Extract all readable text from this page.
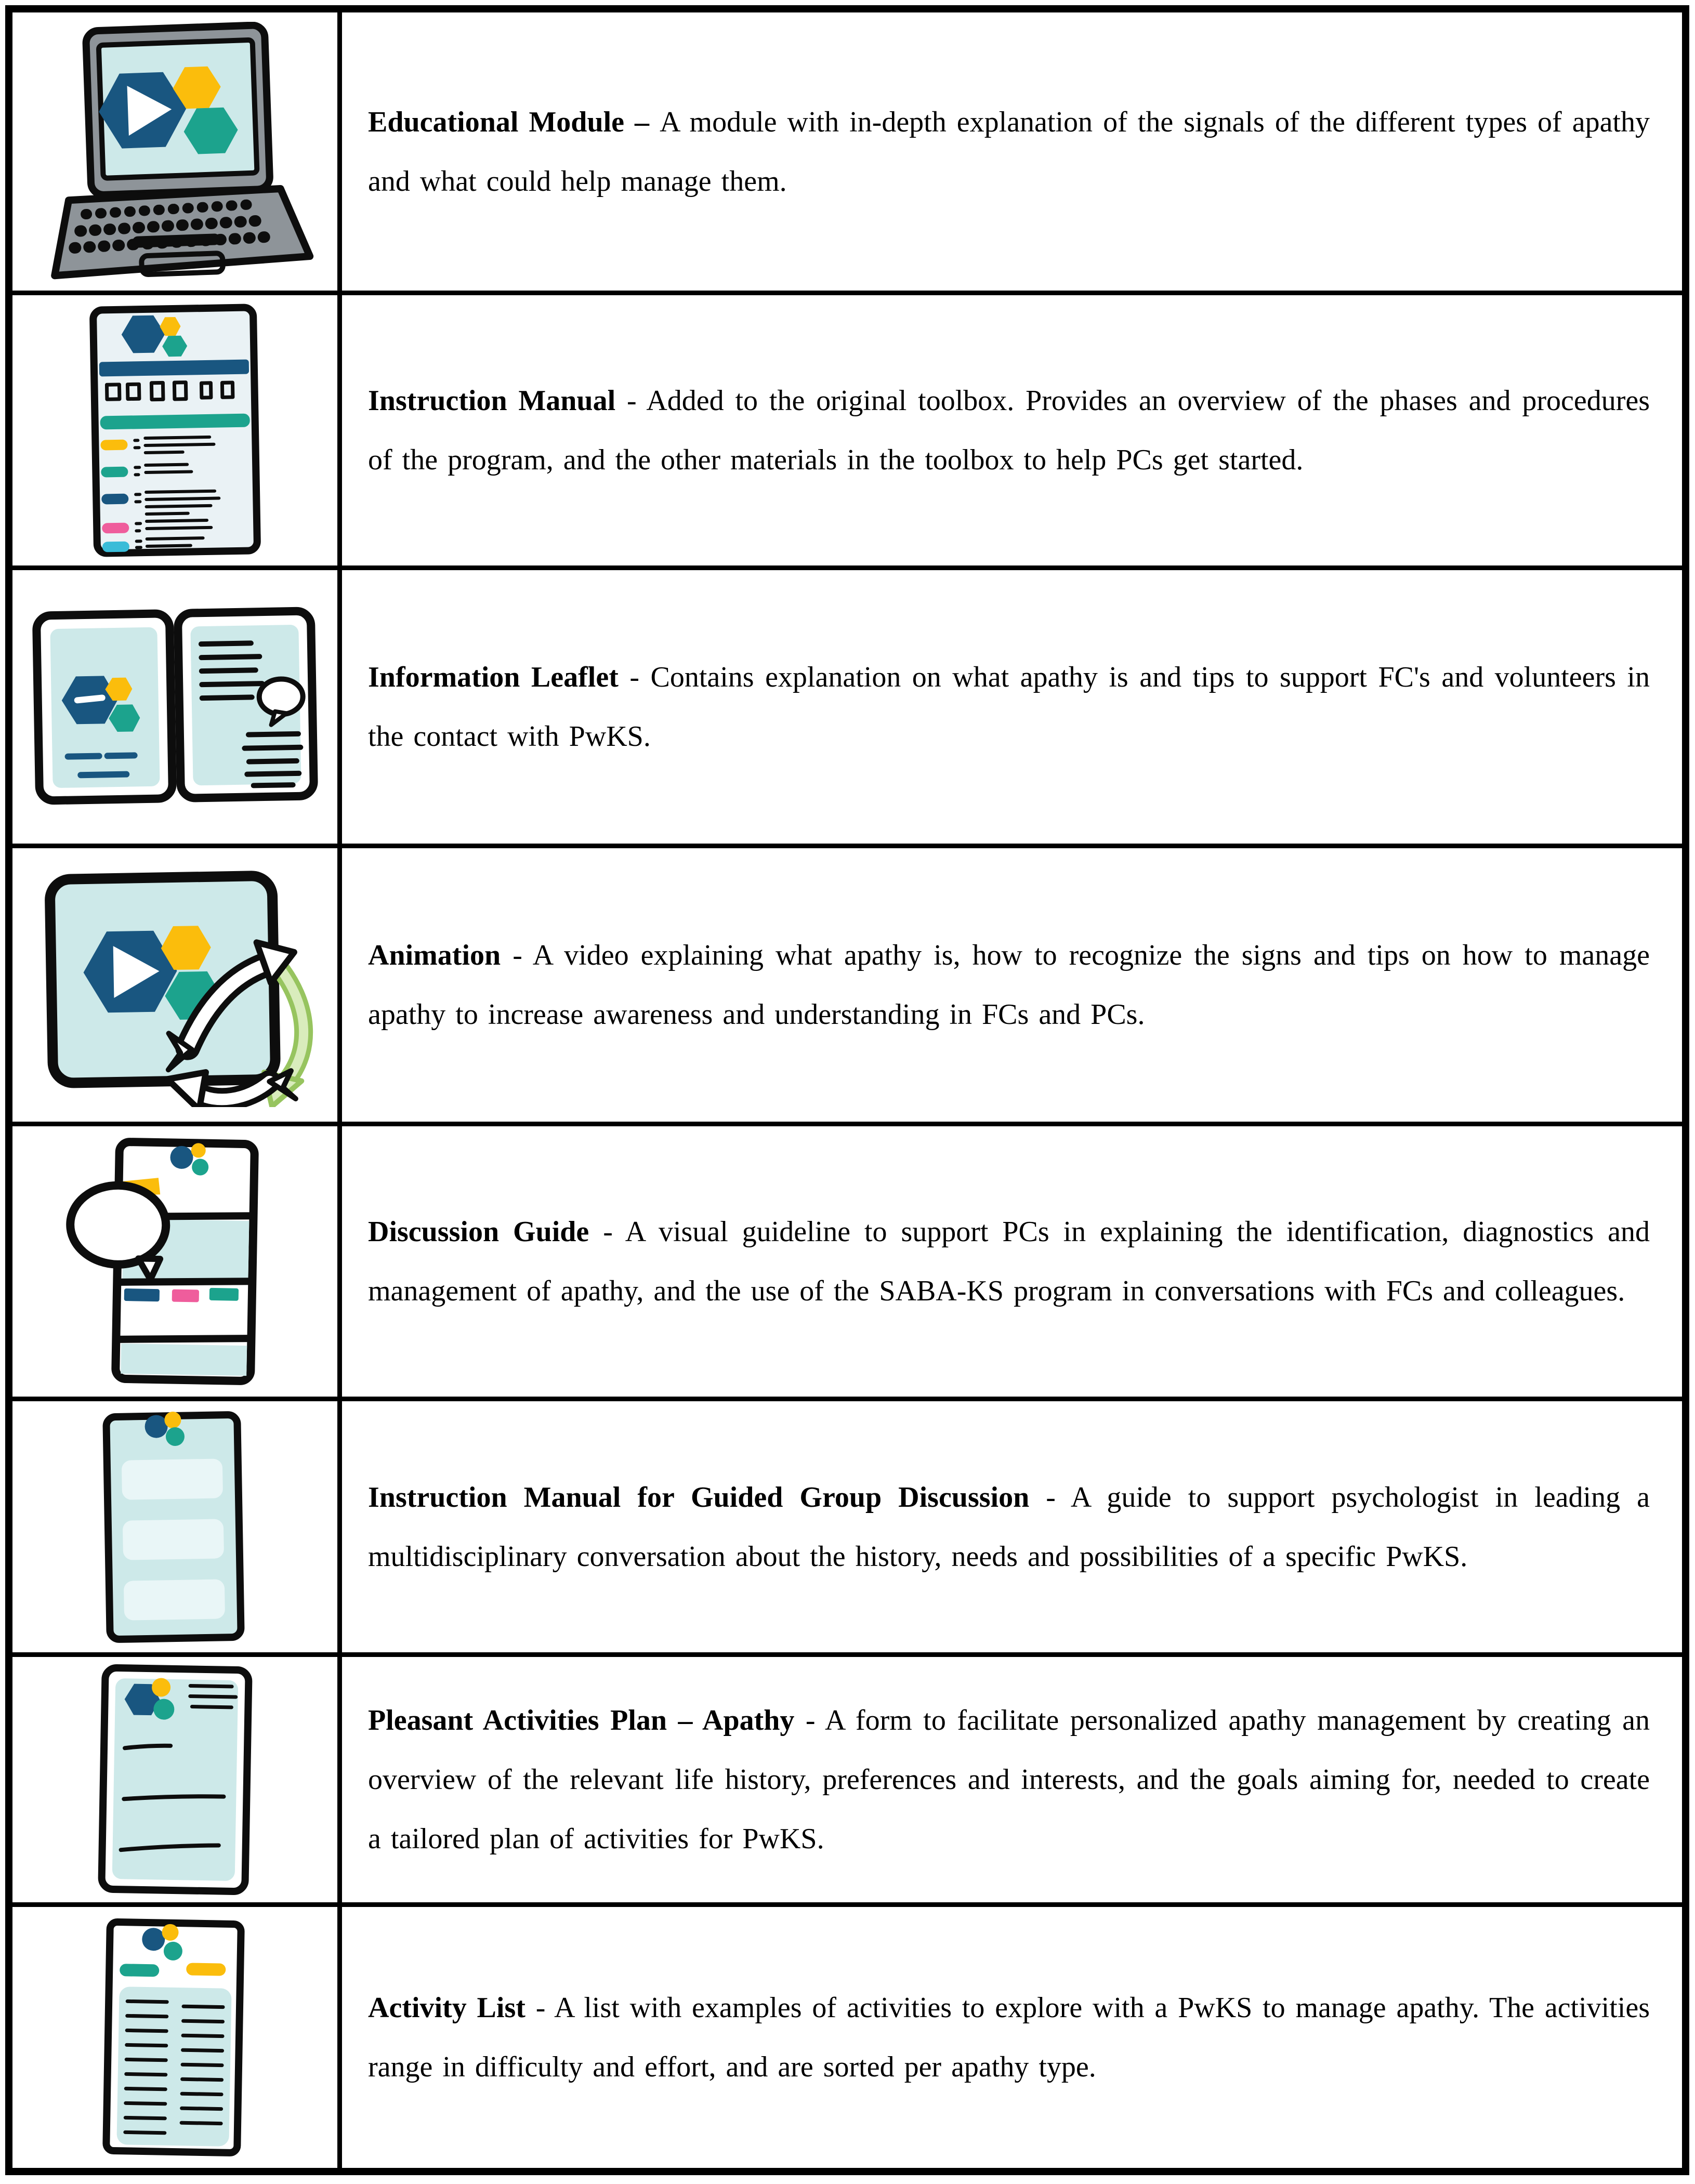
Educational Module – A module with in-depth explanation of the signals of the different types of apathy and what could help manage them.

Instruction Manual - Added to the original toolbox. Provides an overview of the phases and procedures of the program, and the other materials in the toolbox to help PCs get started.

Information Leaflet - Contains explanation on what apathy is and tips to support FC's and volunteers in the contact with PwKS.

Animation - A video explaining what apathy is, how to recognize the signs and tips on how to manage apathy to increase awareness and understanding in FCs and PCs.

Discussion Guide - A visual guideline to support PCs in explaining the identification, diagnostics and management of apathy, and the use of the SABA-KS program in conversations with FCs and colleagues.

Instruction Manual for Guided Group Discussion - A guide to support psychologist in leading a multidisciplinary conversation about the history, needs and possibilities of a specific PwKS.

Pleasant Activities Plan – Apathy - A form to facilitate personalized apathy management by creating an overview of the relevant life history, preferences and interests, and the goals aiming for, needed to create a tailored plan of activities for PwKS.

Activity List - A list with examples of activities to explore with a PwKS to manage apathy. The activities range in difficulty and effort, and are sorted per apathy type.
